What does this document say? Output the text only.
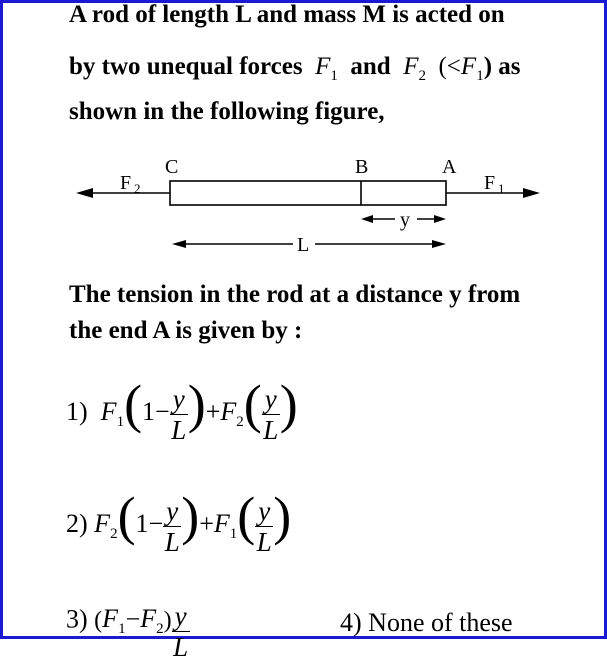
A rod of length L and mass M is acted on
by two unequal forces $F_1$ and $F_2$ $(<F_1)$ as
shown in the following figure,
C	B	A
F 2	F 1
y
L
The tension in the rod at a distance y from
the end A is given by :
1) $F_1(1- \frac{y}{L} )+F_2( \frac{y}{L}$ )
2) $F_2(1- \frac{y}{L} )+F_1( \frac{y}{L}$ )
3) $(F_1-F_2) \frac{y}{L}$	4) None of these
